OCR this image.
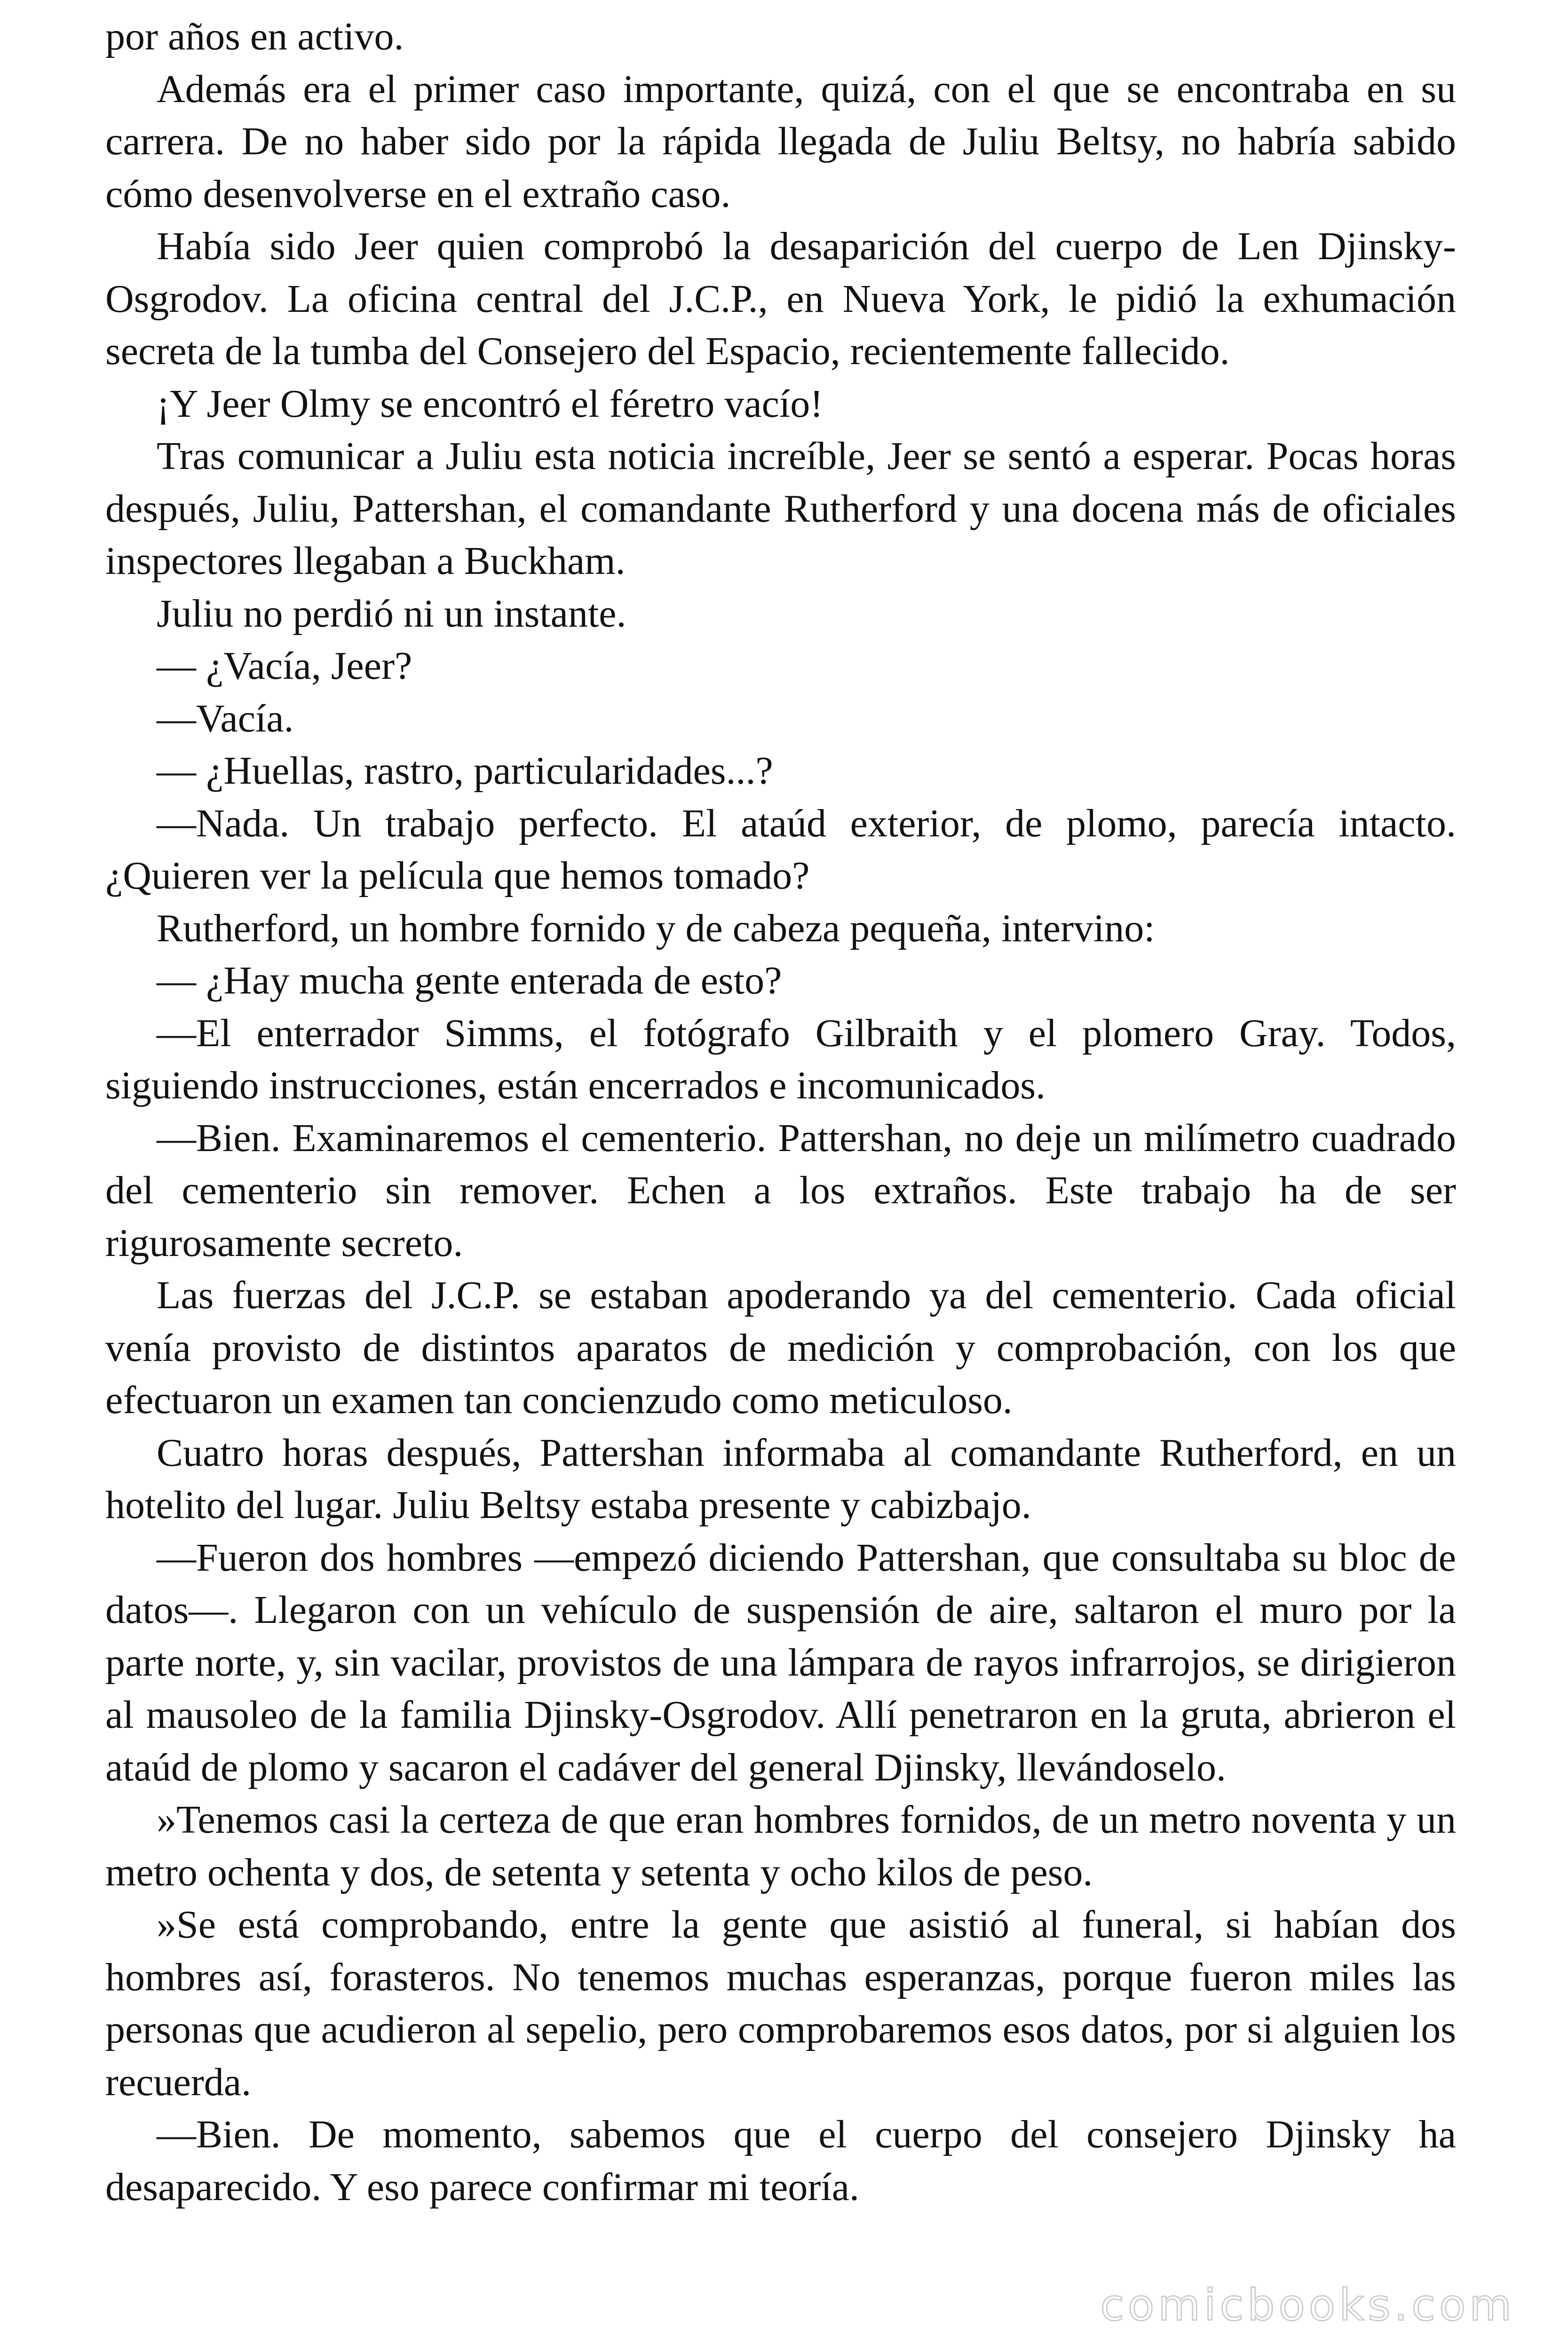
por años en activo.

Además era el primer caso importante, quizá, con el que se encontraba en su carrera. De no haber sido por la rápida llegada de Juliu Beltsy, no habría sabido cómo desenvolverse en el extraño caso.

Había sido Jeer quien comprobó la desaparición del cuerpo de Len Djinsky-Osgrodov. La oficina central del J.C.P., en Nueva York, le pidió la exhumación secreta de la tumba del Consejero del Espacio, recientemente fallecido.

¡Y Jeer Olmy se encontró el féretro vacío!

Tras comunicar a Juliu esta noticia increíble, Jeer se sentó a esperar. Pocas horas después, Juliu, Pattershan, el comandante Rutherford y una docena más de oficiales inspectores llegaban a Buckham.

Juliu no perdió ni un instante.

— ¿Vacía, Jeer?

—Vacía.

— ¿Huellas, rastro, particularidades...?

—Nada. Un trabajo perfecto. El ataúd exterior, de plomo, parecía intacto. ¿Quieren ver la película que hemos tomado?

Rutherford, un hombre fornido y de cabeza pequeña, intervino:

— ¿Hay mucha gente enterada de esto?

—El enterrador Simms, el fotógrafo Gilbraith y el plomero Gray. Todos, siguiendo instrucciones, están encerrados e incomunicados.

—Bien. Examinaremos el cementerio. Pattershan, no deje un milímetro cuadrado del cementerio sin remover. Echen a los extraños. Este trabajo ha de ser rigurosamente secreto.

Las fuerzas del J.C.P. se estaban apoderando ya del cementerio. Cada oficial venía provisto de distintos aparatos de medición y comprobación, con los que efectuaron un examen tan concienzudo como meticuloso.

Cuatro horas después, Pattershan informaba al comandante Rutherford, en un hotelito del lugar. Juliu Beltsy estaba presente y cabizbajo.

—Fueron dos hombres —empezó diciendo Pattershan, que consultaba su bloc de datos—. Llegaron con un vehículo de suspensión de aire, saltaron el muro por la parte norte, y, sin vacilar, provistos de una lámpara de rayos infrarrojos, se dirigieron al mausoleo de la familia Djinsky-Osgrodov. Allí penetraron en la gruta, abrieron el ataúd de plomo y sacaron el cadáver del general Djinsky, llevándoselo.

»Tenemos casi la certeza de que eran hombres fornidos, de un metro noventa y un metro ochenta y dos, de setenta y setenta y ocho kilos de peso.

»Se está comprobando, entre la gente que asistió al funeral, si habían dos hombres así, forasteros. No tenemos muchas esperanzas, porque fueron miles las personas que acudieron al sepelio, pero comprobaremos esos datos, por si alguien los recuerda.

—Bien. De momento, sabemos que el cuerpo del consejero Djinsky ha desaparecido. Y eso parece confirmar mi teoría.

comicbooks.com
